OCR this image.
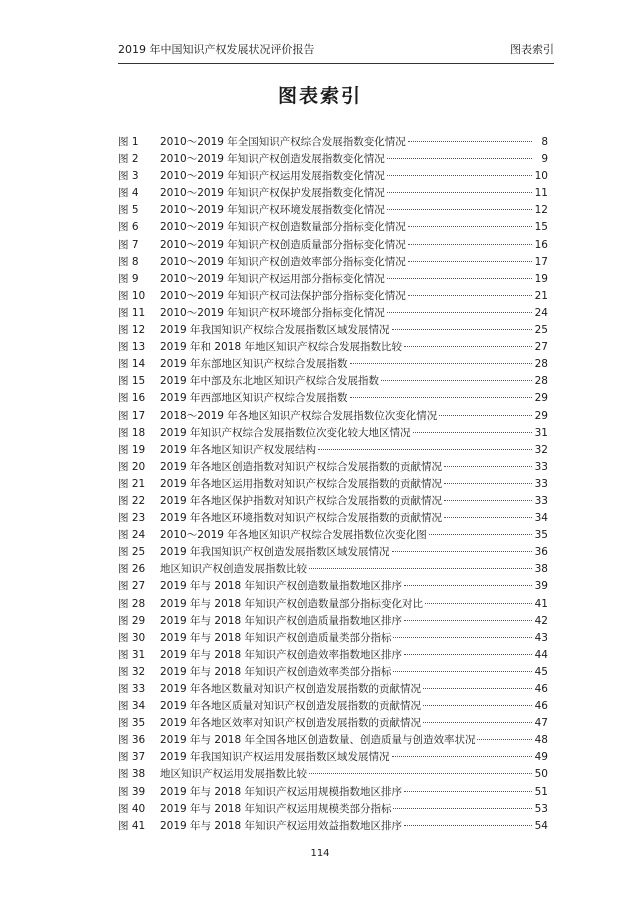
2019 年中国知识产权发展状况评价报告	图表索引
图表索引
图 1	2010～2019 年全国知识产权综合发展指数变化情况	8
图 2	2010～2019 年知识产权创造发展指数变化情况	9
图 3	2010～2019 年知识产权运用发展指数变化情况	10
图 4	2010～2019 年知识产权保护发展指数变化情况	11
图 5	2010～2019 年知识产权环境发展指数变化情况	12
图 6	2010～2019 年知识产权创造数量部分指标变化情况	15
图 7	2010～2019 年知识产权创造质量部分指标变化情况	16
图 8	2010～2019 年知识产权创造效率部分指标变化情况	17
图 9	2010～2019 年知识产权运用部分指标变化情况	19
图 10	2010～2019 年知识产权司法保护部分指标变化情况	21
图 11	2010～2019 年知识产权环境部分指标变化情况	24
图 12	2019 年我国知识产权综合发展指数区域发展情况	25
图 13	2019 年和 2018 年地区知识产权综合发展指数比较	27
图 14	2019 年东部地区知识产权综合发展指数	28
图 15	2019 年中部及东北地区知识产权综合发展指数	28
图 16	2019 年西部地区知识产权综合发展指数	29
图 17	2018～2019 年各地区知识产权综合发展指数位次变化情况	29
图 18	2019 年知识产权综合发展指数位次变化较大地区情况	31
图 19	2019 年各地区知识产权发展结构	32
图 20	2019 年各地区创造指数对知识产权综合发展指数的贡献情况	33
图 21	2019 年各地区运用指数对知识产权综合发展指数的贡献情况	33
图 22	2019 年各地区保护指数对知识产权综合发展指数的贡献情况	33
图 23	2019 年各地区环境指数对知识产权综合发展指数的贡献情况	34
图 24	2010～2019 年各地区知识产权综合发展指数位次变化图	35
图 25	2019 年我国知识产权创造发展指数区域发展情况	36
图 26	地区知识产权创造发展指数比较	38
图 27	2019 年与 2018 年知识产权创造数量指数地区排序	39
图 28	2019 年与 2018 年知识产权创造数量部分指标变化对比	41
图 29	2019 年与 2018 年知识产权创造质量指数地区排序	42
图 30	2019 年与 2018 年知识产权创造质量类部分指标	43
图 31	2019 年与 2018 年知识产权创造效率指数地区排序	44
图 32	2019 年与 2018 年知识产权创造效率类部分指标	45
图 33	2019 年各地区数量对知识产权创造发展指数的贡献情况	46
图 34	2019 年各地区质量对知识产权创造发展指数的贡献情况	46
图 35	2019 年各地区效率对知识产权创造发展指数的贡献情况	47
图 36	2019 年与 2018 年全国各地区创造数量、创造质量与创造效率状况	48
图 37	2019 年我国知识产权运用发展指数区域发展情况	49
图 38	地区知识产权运用发展指数比较	50
图 39	2019 年与 2018 年知识产权运用规模指数地区排序	51
图 40	2019 年与 2018 年知识产权运用规模类部分指标	53
图 41	2019 年与 2018 年知识产权运用效益指数地区排序	54
114
